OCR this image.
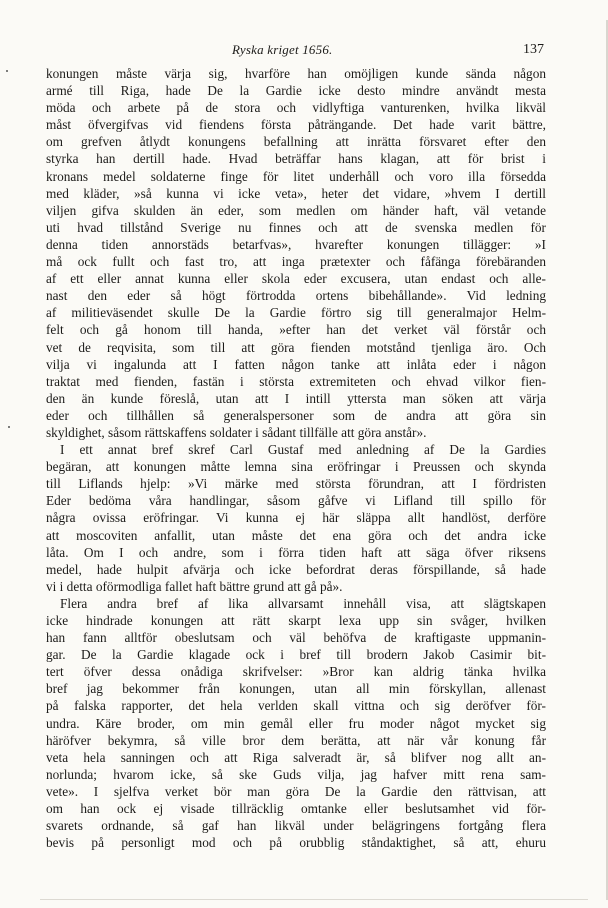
Ryska kriget 1656.	137
konungen måste värja sig, hvarföre han omöjligen kunde sända någon
armé till Riga, hade De la Gardie icke desto mindre användt mesta
möda och arbete på de stora och vidlyftiga vanturenken, hvilka likväl
måst öfvergifvas vid fiendens första påträngande. Det hade varit bättre,
om grefven åtlydt konungens befallning att inrätta försvaret efter den
styrka han dertill hade. Hvad beträffar hans klagan, att för brist i
kronans medel soldaterne finge för litet underhåll och voro illa försedda
med kläder, »så kunna vi icke veta», heter det vidare, »hvem I dertill
viljen gifva skulden än eder, som medlen om händer haft, väl vetande
uti hvad tillstånd Sverige nu finnes och att de svenska medlen för
denna tiden annorstäds betarfvas», hvarefter konungen tillägger: »I
må ock fullt och fast tro, att inga prætexter och fåfänga förebäranden
af ett eller annat kunna eller skola eder excusera, utan endast och alle-
nast den eder så högt förtrodda ortens bibehållande». Vid ledning
af militieväsendet skulle De la Gardie förtro sig till generalmajor Helm-
felt och gå honom till handa, »efter han det verket väl förstår och
vet de reqvisita, som till att göra fienden motstånd tjenliga äro. Och
vilja vi ingalunda att I fatten någon tanke att inlåta eder i någon
traktat med fienden, fastän i största extremiteten och ehvad vilkor fien-
den än kunde föreslå, utan att I intill yttersta man söken att värja
eder och tillhållen så generalspersoner som de andra att göra sin
skyldighet, såsom rättskaffens soldater i sådant tillfälle att göra anstår».
I ett annat bref skref Carl Gustaf med anledning af De la Gardies
begäran, att konungen måtte lemna sina eröfringar i Preussen och skynda
till Liflands hjelp: »Vi märke med största förundran, att I fördristen
Eder bedöma våra handlingar, såsom gåfve vi Lifland till spillo för
några ovissa eröfringar. Vi kunna ej här släppa allt handlöst, derföre
att moscoviten anfallit, utan måste det ena göra och det andra icke
låta. Om I och andre, som i förra tiden haft att säga öfver riksens
medel, hade hulpit afvärja och icke befordrat deras förspillande, så hade
vi i detta oförmodliga fallet haft bättre grund att gå på».
Flera andra bref af lika allvarsamt innehåll visa, att slägtskapen
icke hindrade konungen att rätt skarpt lexa upp sin svåger, hvilken
han fann alltför obeslutsam och väl behöfva de kraftigaste uppmanin-
gar. De la Gardie klagade ock i bref till brodern Jakob Casimir bit-
tert öfver dessa onådiga skrifvelser: »Bror kan aldrig tänka hvilka
bref jag bekommer från konungen, utan all min förskyllan, allenast
på falska rapporter, det hela verlden skall vittna och sig deröfver för-
undra. Käre broder, om min gemål eller fru moder något mycket sig
häröfver bekymra, så ville bror dem berätta, att när vår konung får
veta hela sanningen och att Riga salveradt är, så blifver nog allt an-
norlunda; hvarom icke, så ske Guds vilja, jag hafver mitt rena sam-
vete». I sjelfva verket bör man göra De la Gardie den rättvisan, att
om han ock ej visade tillräcklig omtanke eller beslutsamhet vid för-
svarets ordnande, så gaf han likväl under belägringens fortgång flera
bevis på personligt mod och på orubblig ståndaktighet, så att, ehuru
